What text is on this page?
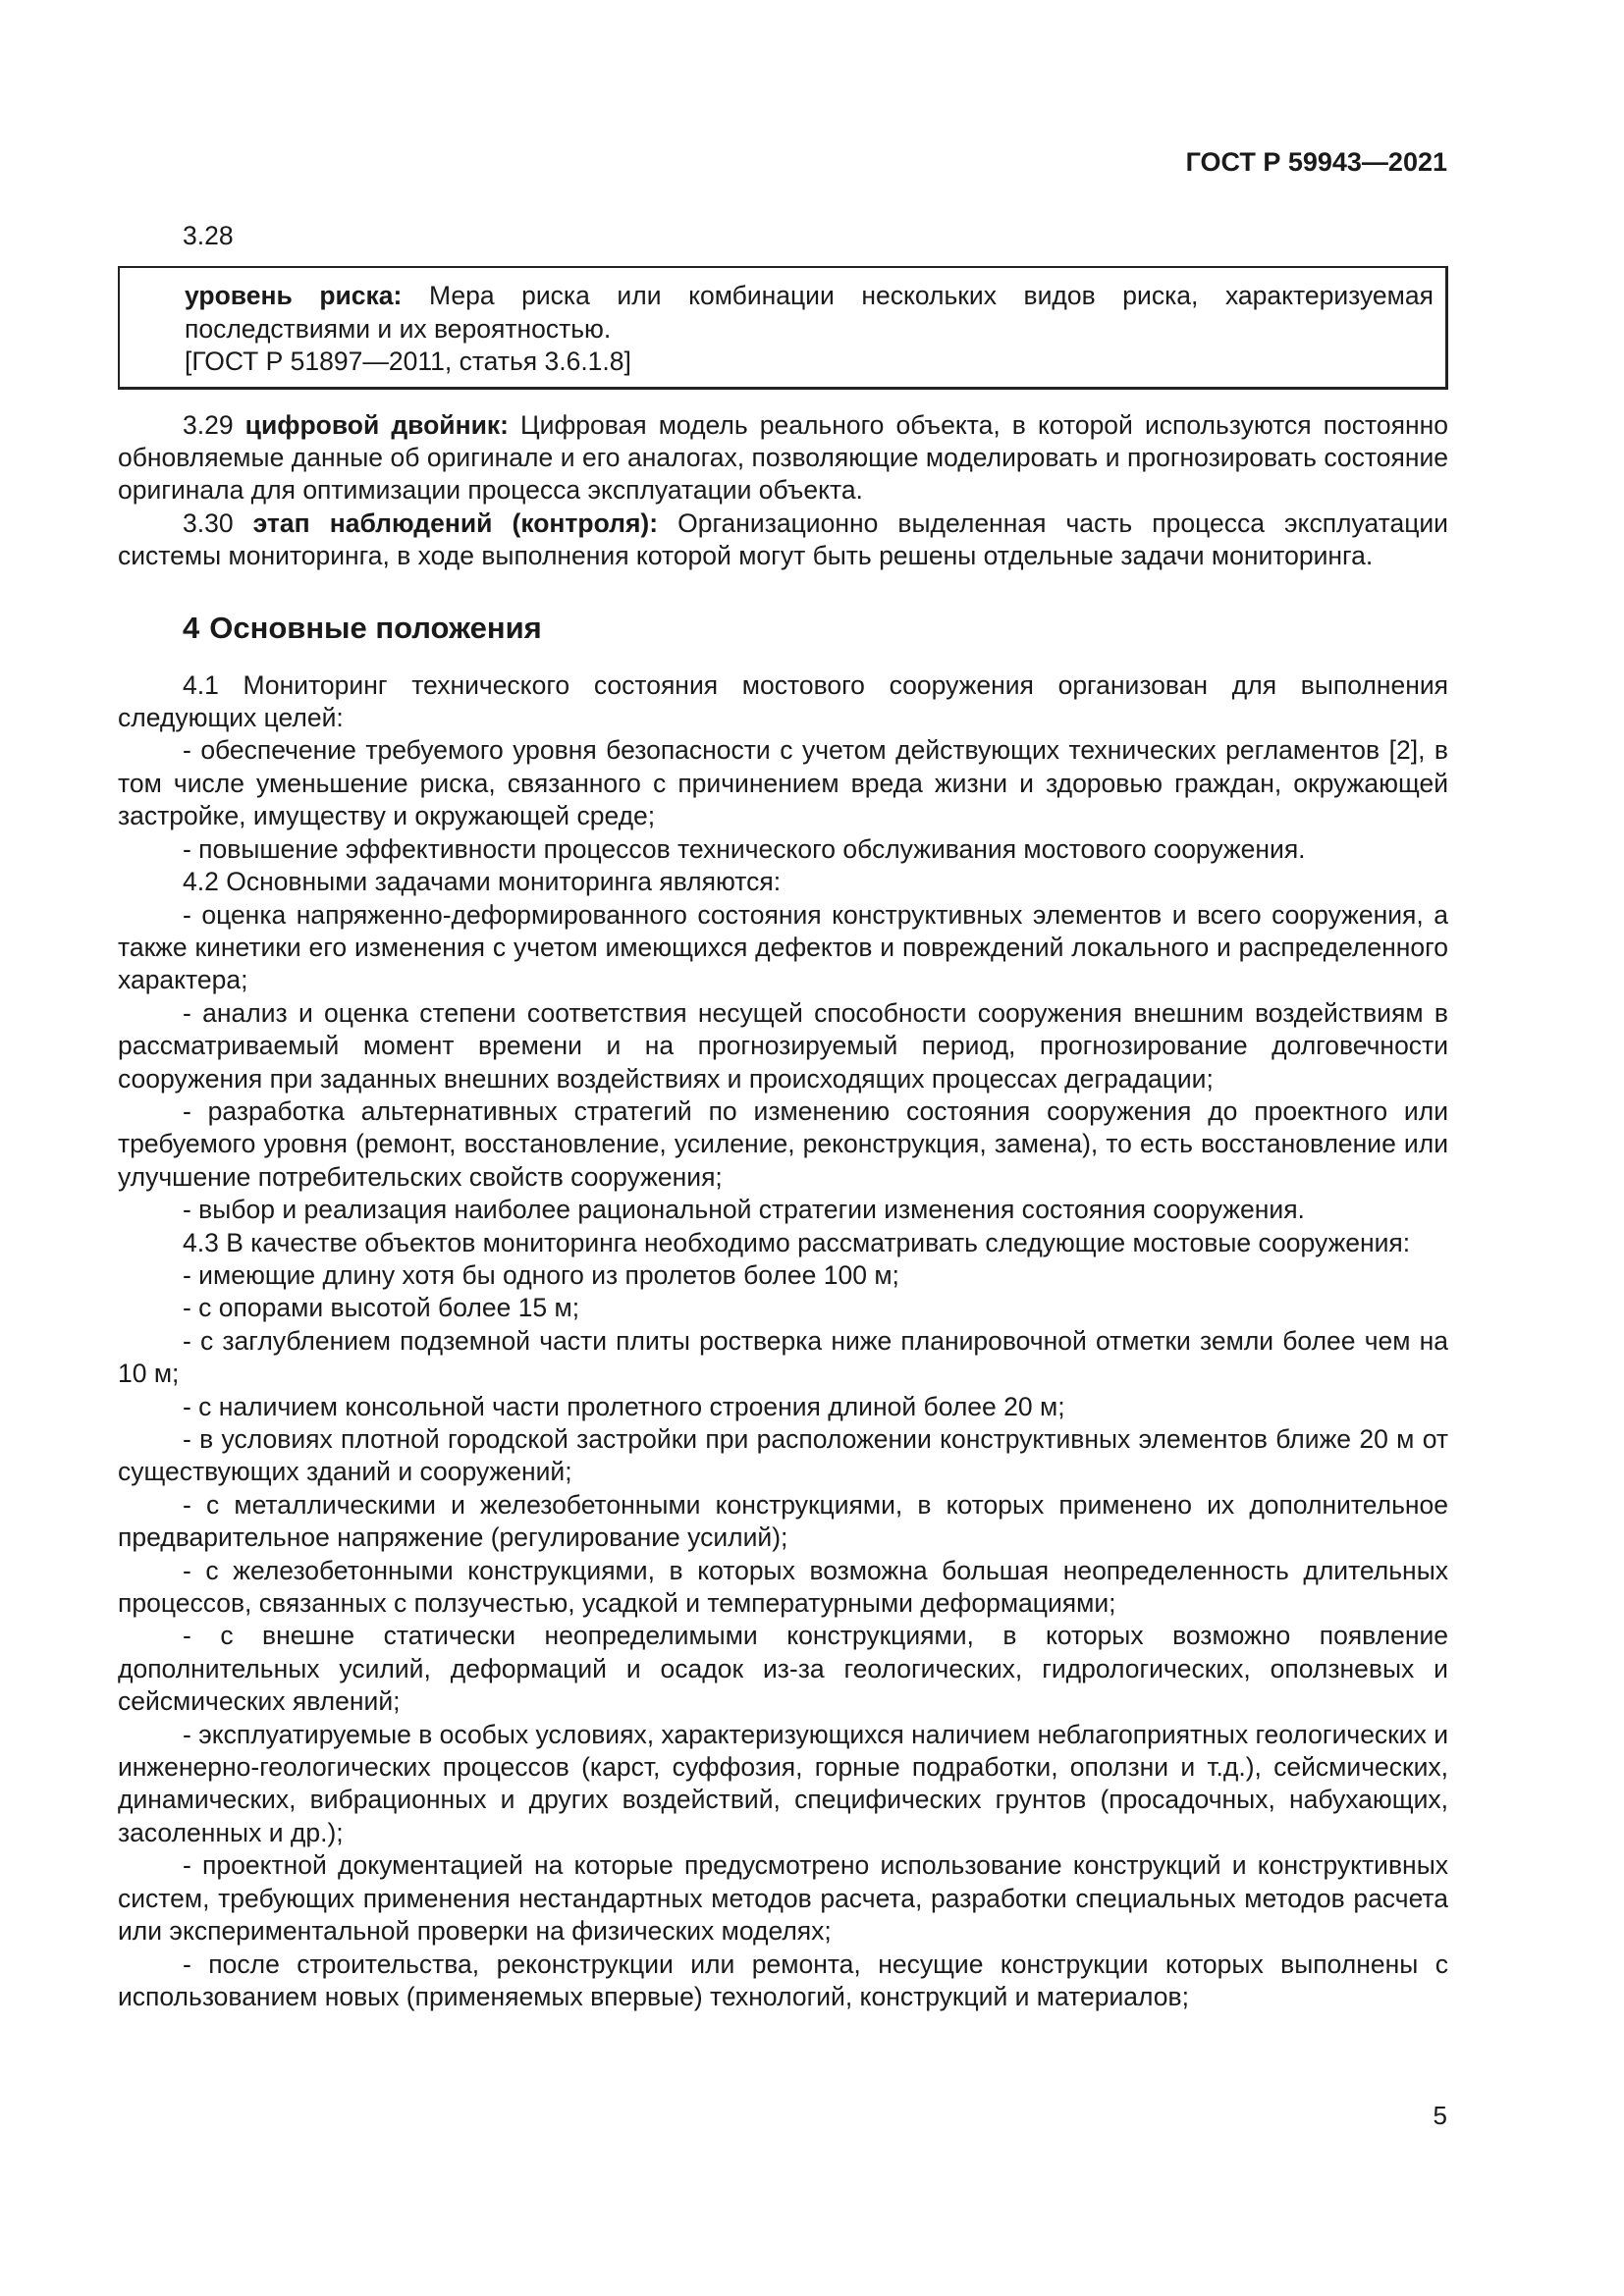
ГОСТ Р 59943—2021

3.28

уровень риска: Мера риска или комбинации нескольких видов риска, характеризуемая последствиями и их вероятностью.

[ГОСТ Р 51897—2011, статья 3.6.1.8]

3.29 цифровой двойник: Цифровая модель реального объекта, в которой используются постоянно обновляемые данные об оригинале и его аналогах, позволяющие моделировать и прогнозировать состояние оригинала для оптимизации процесса эксплуатации объекта.

3.30 этап наблюдений (контроля): Организационно выделенная часть процесса эксплуатации системы мониторинга, в ходе выполнения которой могут быть решены отдельные задачи мониторинга.

4 Основные положения

4.1 Мониторинг технического состояния мостового сооружения организован для выполнения следующих целей:

- обеспечение требуемого уровня безопасности с учетом действующих технических регламентов [2], в том числе уменьшение риска, связанного с причинением вреда жизни и здоровью граждан, окружающей застройке, имуществу и окружающей среде;

- повышение эффективности процессов технического обслуживания мостового сооружения.

4.2 Основными задачами мониторинга являются:

- оценка напряженно-деформированного состояния конструктивных элементов и всего сооружения, а также кинетики его изменения с учетом имеющихся дефектов и повреждений локального и распределенного характера;

- анализ и оценка степени соответствия несущей способности сооружения внешним воздействиям в рассматриваемый момент времени и на прогнозируемый период, прогнозирование долговечности сооружения при заданных внешних воздействиях и происходящих процессах деградации;

- разработка альтернативных стратегий по изменению состояния сооружения до проектного или требуемого уровня (ремонт, восстановление, усиление, реконструкция, замена), то есть восстановление или улучшение потребительских свойств сооружения;

- выбор и реализация наиболее рациональной стратегии изменения состояния сооружения.

4.3 В качестве объектов мониторинга необходимо рассматривать следующие мостовые сооружения:

- имеющие длину хотя бы одного из пролетов более 100 м;

- с опорами высотой более 15 м;

- с заглублением подземной части плиты ростверка ниже планировочной отметки земли более чем на 10 м;

- с наличием консольной части пролетного строения длиной более 20 м;

- в условиях плотной городской застройки при расположении конструктивных элементов ближе 20 м от существующих зданий и сооружений;

- с металлическими и железобетонными конструкциями, в которых применено их дополнительное предварительное напряжение (регулирование усилий);

- с железобетонными конструкциями, в которых возможна большая неопределенность длительных процессов, связанных с ползучестью, усадкой и температурными деформациями;

- с внешне статически неопределимыми конструкциями, в которых возможно появление дополнительных усилий, деформаций и осадок из-за геологических, гидрологических, оползневых и сейсмических явлений;

- эксплуатируемые в особых условиях, характеризующихся наличием неблагоприятных геологических и инженерно-геологических процессов (карст, суффозия, горные подработки, оползни и т.д.), сейсмических, динамических, вибрационных и других воздействий, специфических грунтов (просадочных, набухающих, засоленных и др.);

- проектной документацией на которые предусмотрено использование конструкций и конструктивных систем, требующих применения нестандартных методов расчета, разработки специальных методов расчета или экспериментальной проверки на физических моделях;

- после строительства, реконструкции или ремонта, несущие конструкции которых выполнены с использованием новых (применяемых впервые) технологий, конструкций и материалов;

5
